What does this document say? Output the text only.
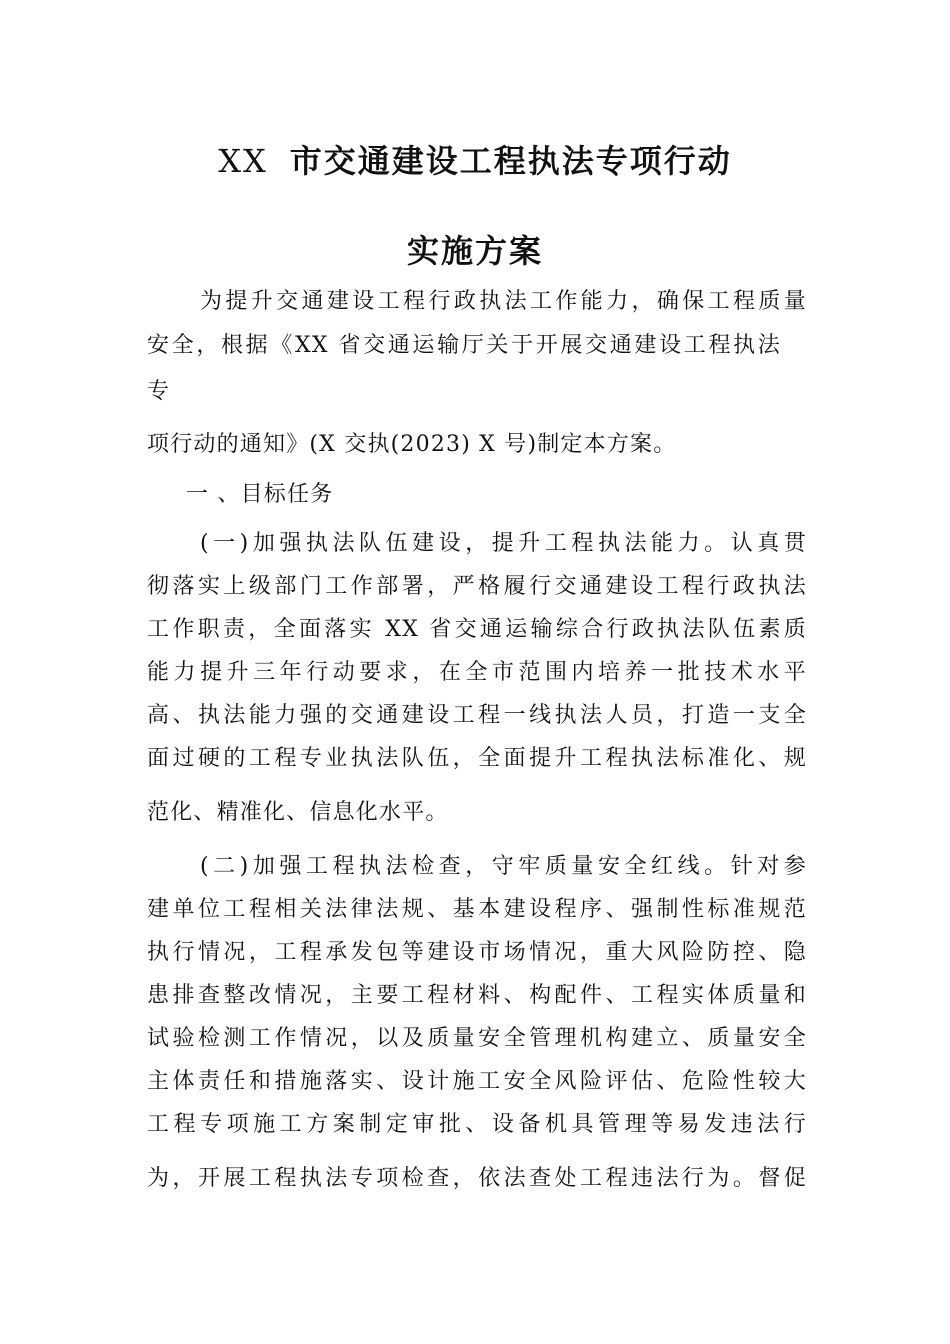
XX 市交通建设工程执法专项行动
实施方案
为提升交通建设工程行政执法工作能力，确保工程质量
安全，根据《XX 省交通运输厅关于开展交通建设工程执法
专
项行动的通知》(X 交执(2023) X 号)制定本方案。
一 、目标任务
(一)加强执法队伍建设，提升工程执法能力。认真贯
彻落实上级部门工作部署，严格履行交通建设工程行政执法
工作职责，全面落实 XX 省交通运输综合行政执法队伍素质
能力提升三年行动要求，在全市范围内培养一批技术水平
高、执法能力强的交通建设工程一线执法人员，打造一支全
面过硬的工程专业执法队伍，全面提升工程执法标准化、规
范化、精准化、信息化水平。
(二)加强工程执法检查，守牢质量安全红线。针对参
建单位工程相关法律法规、基本建设程序、强制性标准规范
执行情况，工程承发包等建设市场情况，重大风险防控、隐
患排查整改情况，主要工程材料、构配件、工程实体质量和
试验检测工作情况，以及质量安全管理机构建立、质量安全
主体责任和措施落实、设计施工安全风险评估、危险性较大
工程专项施工方案制定审批、设备机具管理等易发违法行
为，开展工程执法专项检查，依法查处工程违法行为。督促
